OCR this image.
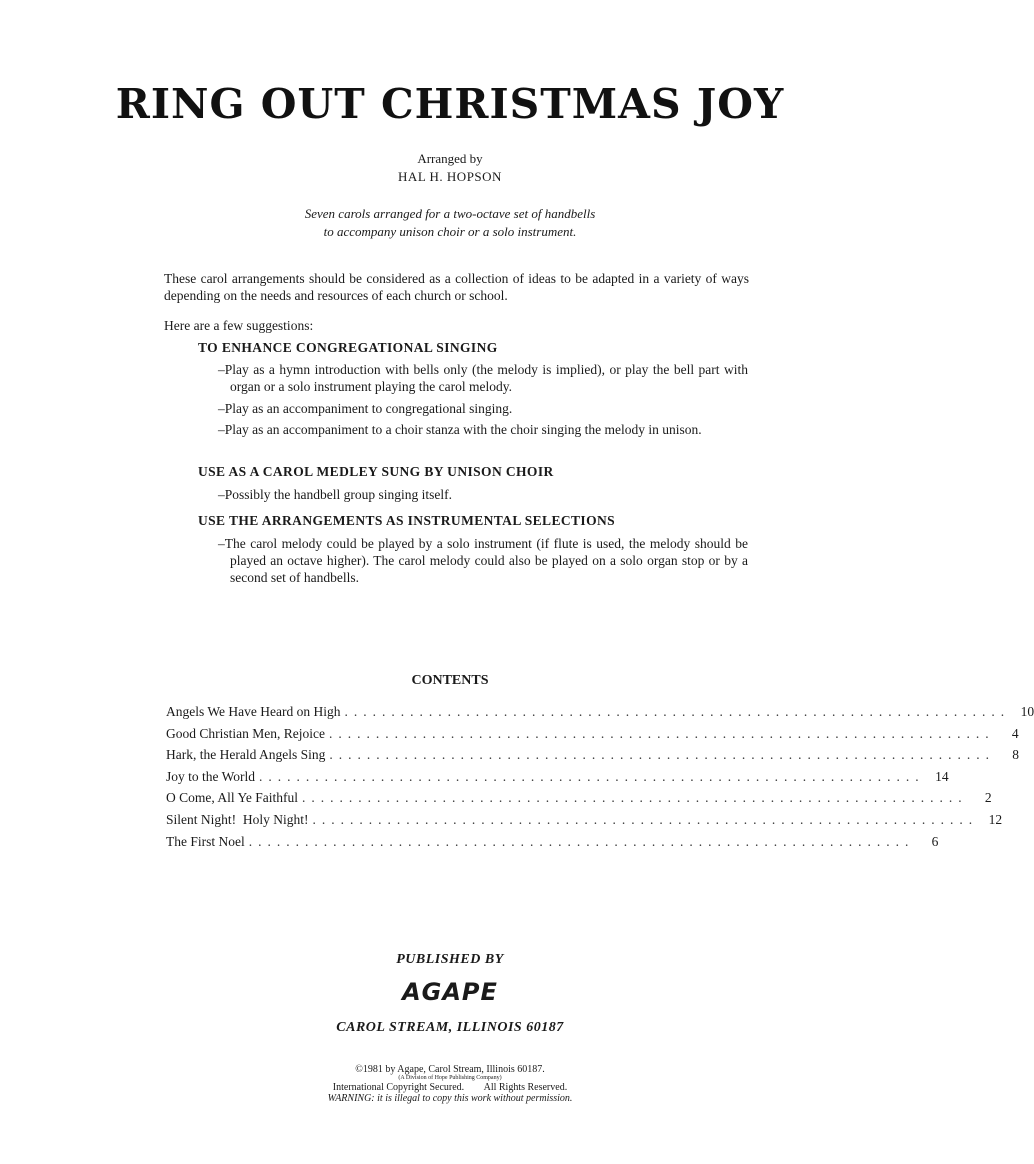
RING OUT CHRISTMAS JOY
Arranged by
HAL H. HOPSON
Seven carols arranged for a two-octave set of handbells
to accompany unison choir or a solo instrument.
These carol arrangements should be considered as a collection of ideas to be adapted in a variety of ways depending on the needs and resources of each church or school.
Here are a few suggestions:
TO ENHANCE CONGREGATIONAL SINGING
–Play as a hymn introduction with bells only (the melody is implied), or play the bell part with organ or a solo instrument playing the carol melody.
–Play as an accompaniment to congregational singing.
–Play as an accompaniment to a choir stanza with the choir singing the melody in unison.
USE AS A CAROL MEDLEY SUNG BY UNISON CHOIR
–Possibly the handbell group singing itself.
USE THE ARRANGEMENTS AS INSTRUMENTAL SELECTIONS
–The carol melody could be played by a solo instrument (if flute is used, the melody should be played an octave higher). The carol melody could also be played on a solo organ stop or by a second set of handbells.
CONTENTS
Angels We Have Heard on High ....................................................................... 10
Good Christian Men, Rejoice .......................................................................	4
Hark, the Herald Angels Sing .......................................................................	8
Joy to the World ....................................................................... 14
O Come, All Ye Faithful .......................................................................	2
Silent Night!  Holy Night! ....................................................................... 12
The First Noel .......................................................................	6
PUBLISHED BY
AGAPE
CAROL STREAM, ILLINOIS 60187
©1981 by Agape, Carol Stream, Illinois 60187.
(A Division of Hope Publishing Company)
International Copyright Secured.        All Rights Reserved.
WARNING: it is illegal to copy this work without permission.
